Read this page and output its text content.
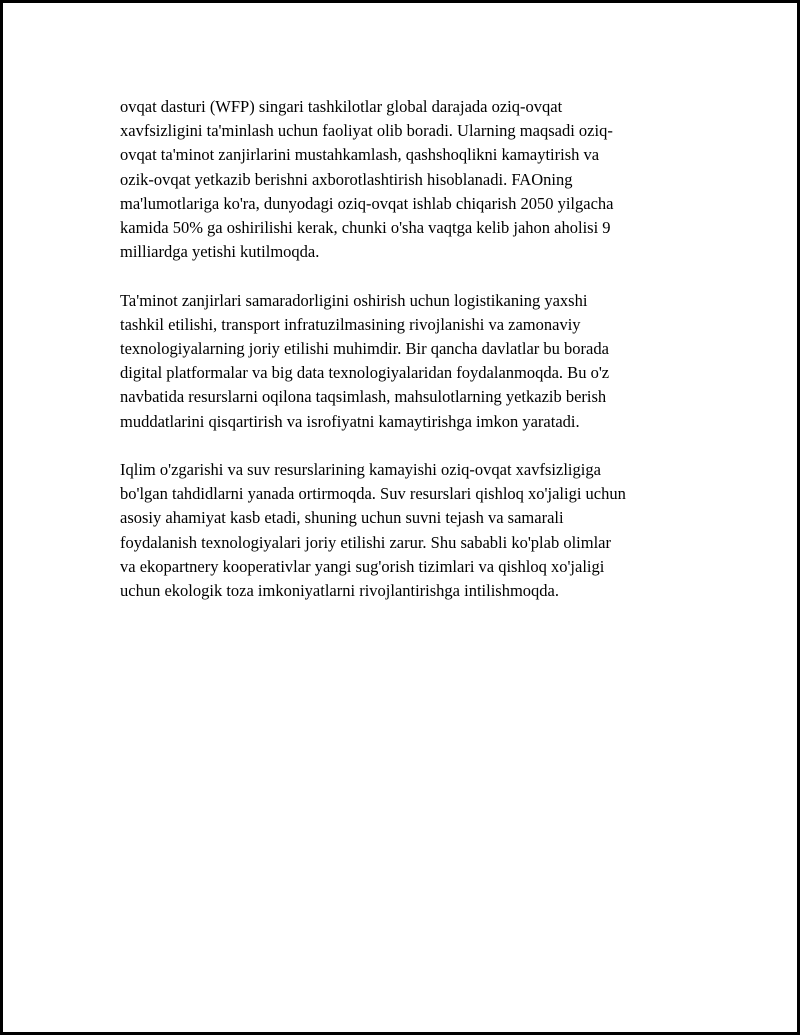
ovqat dasturi (WFP) singari tashkilotlar global darajada oziq-ovqat
xavfsizligini ta'minlash uchun faoliyat olib boradi. Ularning maqsadi oziq-
ovqat ta'minot zanjirlarini mustahkamlash, qashshoqlikni kamaytirish va
ozik-ovqat yetkazib berishni axborotlashtirish hisoblanadi. FAOning
ma'lumotlariga ko'ra, dunyodagi oziq-ovqat ishlab chiqarish 2050 yilgacha
kamida 50% ga oshirilishi kerak, chunki o'sha vaqtga kelib jahon aholisi 9
milliardga yetishi kutilmoqda.

Ta'minot zanjirlari samaradorligini oshirish uchun logistikaning yaxshi
tashkil etilishi, transport infratuzilmasining rivojlanishi va zamonaviy
texnologiyalarning joriy etilishi muhimdir. Bir qancha davlatlar bu borada
digital platformalar va big data texnologiyalaridan foydalanmoqda. Bu o'z
navbatida resurslarni oqilona taqsimlash, mahsulotlarning yetkazib berish
muddatlarini qisqartirish va isrofiyatni kamaytirishga imkon yaratadi.

Iqlim o'zgarishi va suv resurslarining kamayishi oziq-ovqat xavfsizligiga
bo'lgan tahdidlarni yanada ortirmoqda. Suv resurslari qishloq xo'jaligi uchun
asosiy ahamiyat kasb etadi, shuning uchun suvni tejash va samarali
foydalanish texnologiyalari joriy etilishi zarur. Shu sababli ko'plab olimlar
va ekopartnery kooperativlar yangi sug'orish tizimlari va qishloq xo'jaligi
uchun ekologik toza imkoniyatlarni rivojlantirishga intilishmoqda.
